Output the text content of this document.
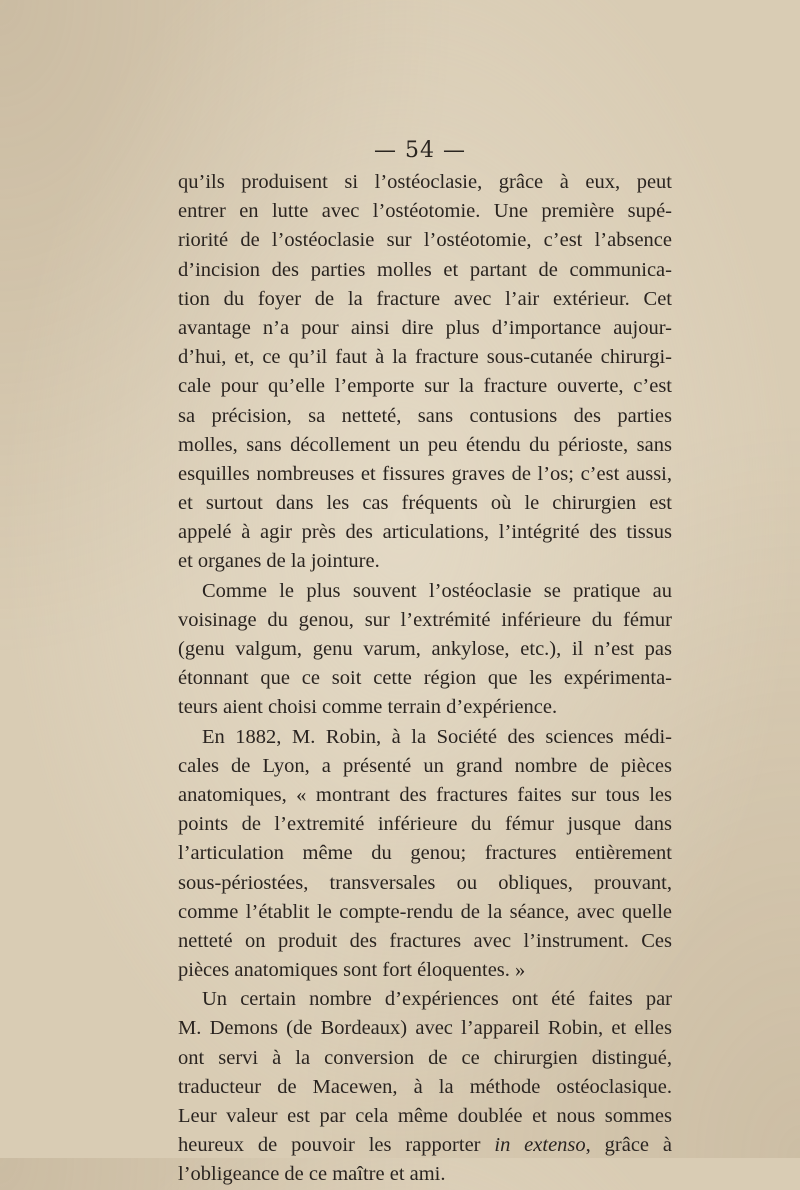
— 54 —
qu’ils produisent si l’ostéoclasie, grâce à eux, peut
entrer en lutte avec l’ostéotomie. Une première supé-
riorité de l’ostéoclasie sur l’ostéotomie, c’est l’absence
d’incision des parties molles et partant de communica-
tion du foyer de la fracture avec l’air extérieur. Cet
avantage n’a pour ainsi dire plus d’importance aujour-
d’hui, et, ce qu’il faut à la fracture sous-cutanée chirurgi-
cale pour qu’elle l’emporte sur la fracture ouverte, c’est
sa précision, sa netteté, sans contusions des parties
molles, sans décollement un peu étendu du périoste, sans
esquilles nombreuses et fissures graves de l’os; c’est aussi,
et surtout dans les cas fréquents où le chirurgien est
appelé à agir près des articulations, l’intégrité des tissus
et organes de la jointure.
Comme le plus souvent l’ostéoclasie se pratique au
voisinage du genou, sur l’extrémité inférieure du fémur
(genu valgum, genu varum, ankylose, etc.), il n’est pas
étonnant que ce soit cette région que les expérimenta-
teurs aient choisi comme terrain d’expérience.
En 1882, M. Robin, à la Société des sciences médi-
cales de Lyon, a présenté un grand nombre de pièces
anatomiques, « montrant des fractures faites sur tous les
points de l’extremité inférieure du fémur jusque dans
l’articulation même du genou; fractures entièrement
sous-périostées, transversales ou obliques, prouvant,
comme l’établit le compte-rendu de la séance, avec quelle
netteté on produit des fractures avec l’instrument. Ces
pièces anatomiques sont fort éloquentes. »
Un certain nombre d’expériences ont été faites par
M. Demons (de Bordeaux) avec l’appareil Robin, et elles
ont servi à la conversion de ce chirurgien distingué,
traducteur de Macewen, à la méthode ostéoclasique.
Leur valeur est par cela même doublée et nous sommes
heureux de pouvoir les rapporter in extenso, grâce à
l’obligeance de ce maître et ami.
